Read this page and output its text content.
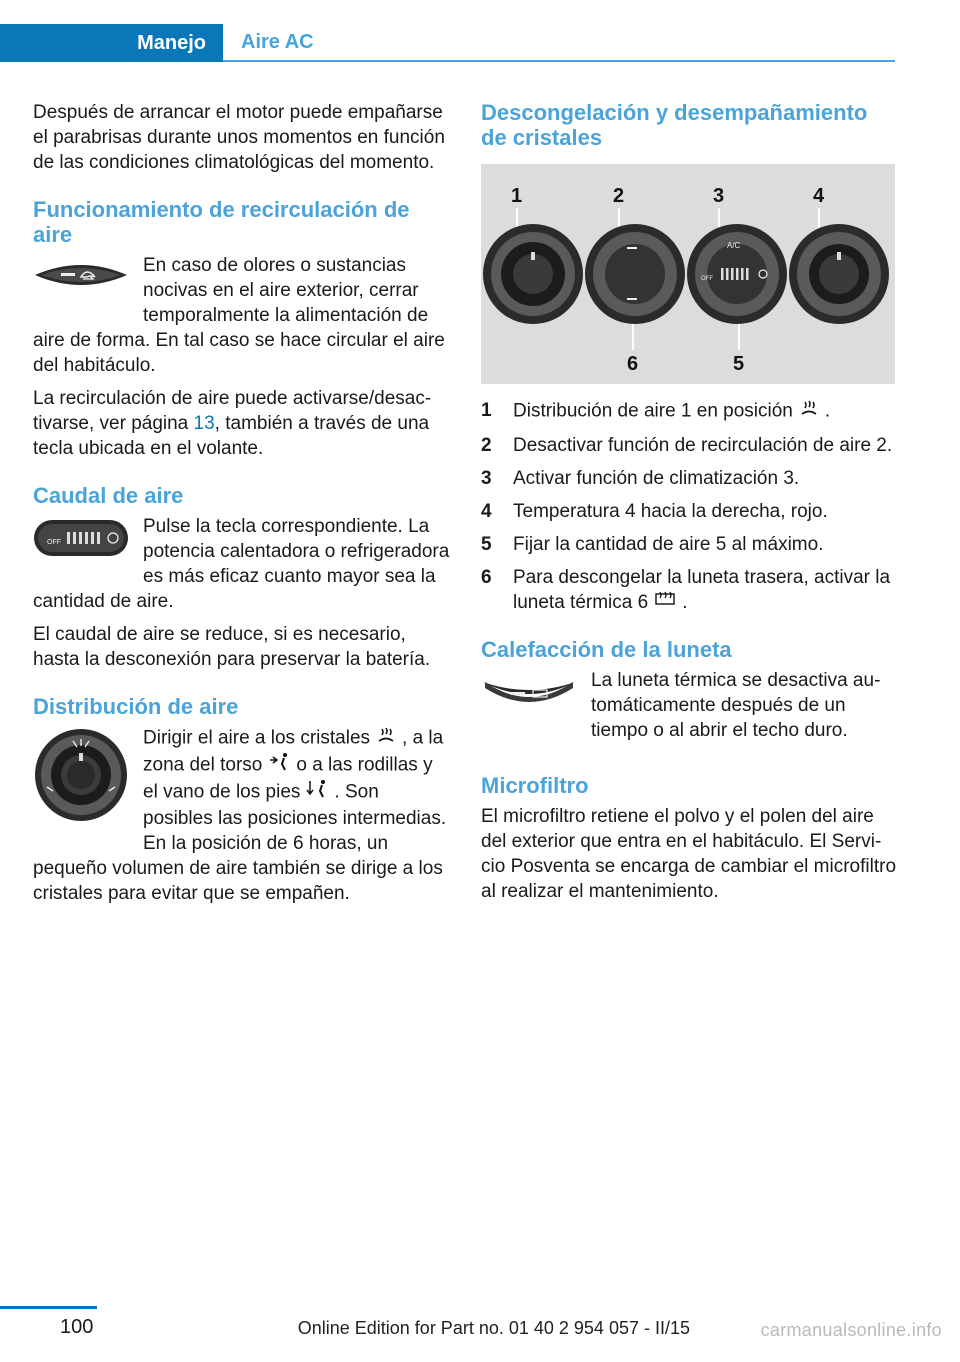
Manejo	Aire AC

Después de arrancar el motor puede empañarse el parabrisas durante unos momentos en función de las condiciones climatológicas del momento.

Funcionamiento de recirculación de aire

En caso de olores o sustancias nocivas en el aire exterior, cerrar temporalmente la alimentación de aire de forma. En tal caso se hace circular el aire del habitáculo.

La recirculación de aire puede activarse/desactivarse, ver página 13, también a través de una tecla ubicada en el volante.

Caudal de aire
OFF

Pulse la tecla correspondiente. La potencia calentadora o refrigeradora es más eficaz cuanto mayor sea la cantidad de aire.

El caudal de aire se reduce, si es necesario, hasta la desconexión para preservar la batería.

Distribución de aire

Dirigir el aire a los cristales , a la zona del torso o a las rodillas y el vano de los pies . Son posibles las posiciones intermedias. En la posición de 6 horas, un pequeño volumen de aire también se dirige a los cristales para evitar que se empañen.

Descongelación y desempañamiento de cristales
1	2	3	4
6	5
A/C
OFF
1 Distribución de aire 1 en posición .
2 Desactivar función de recirculación de aire 2.
3 Activar función de climatización 3.
4 Temperatura 4 hacia la derecha, rojo.
5 Fijar la cantidad de aire 5 al máximo.
6 Para descongelar la luneta trasera, activar la luneta térmica 6 .
Calefacción de la luneta

La luneta térmica se desactiva automáticamente después de un tiempo o al abrir el techo duro.

Microfiltro

El microfiltro retiene el polvo y el polen del aire del exterior que entra en el habitáculo. El Servicio Posventa se encarga de cambiar el microfiltro al realizar el mantenimiento.

100	Online Edition for Part no. 01 40 2 954 057 - II/15	carmanualsonline.info
